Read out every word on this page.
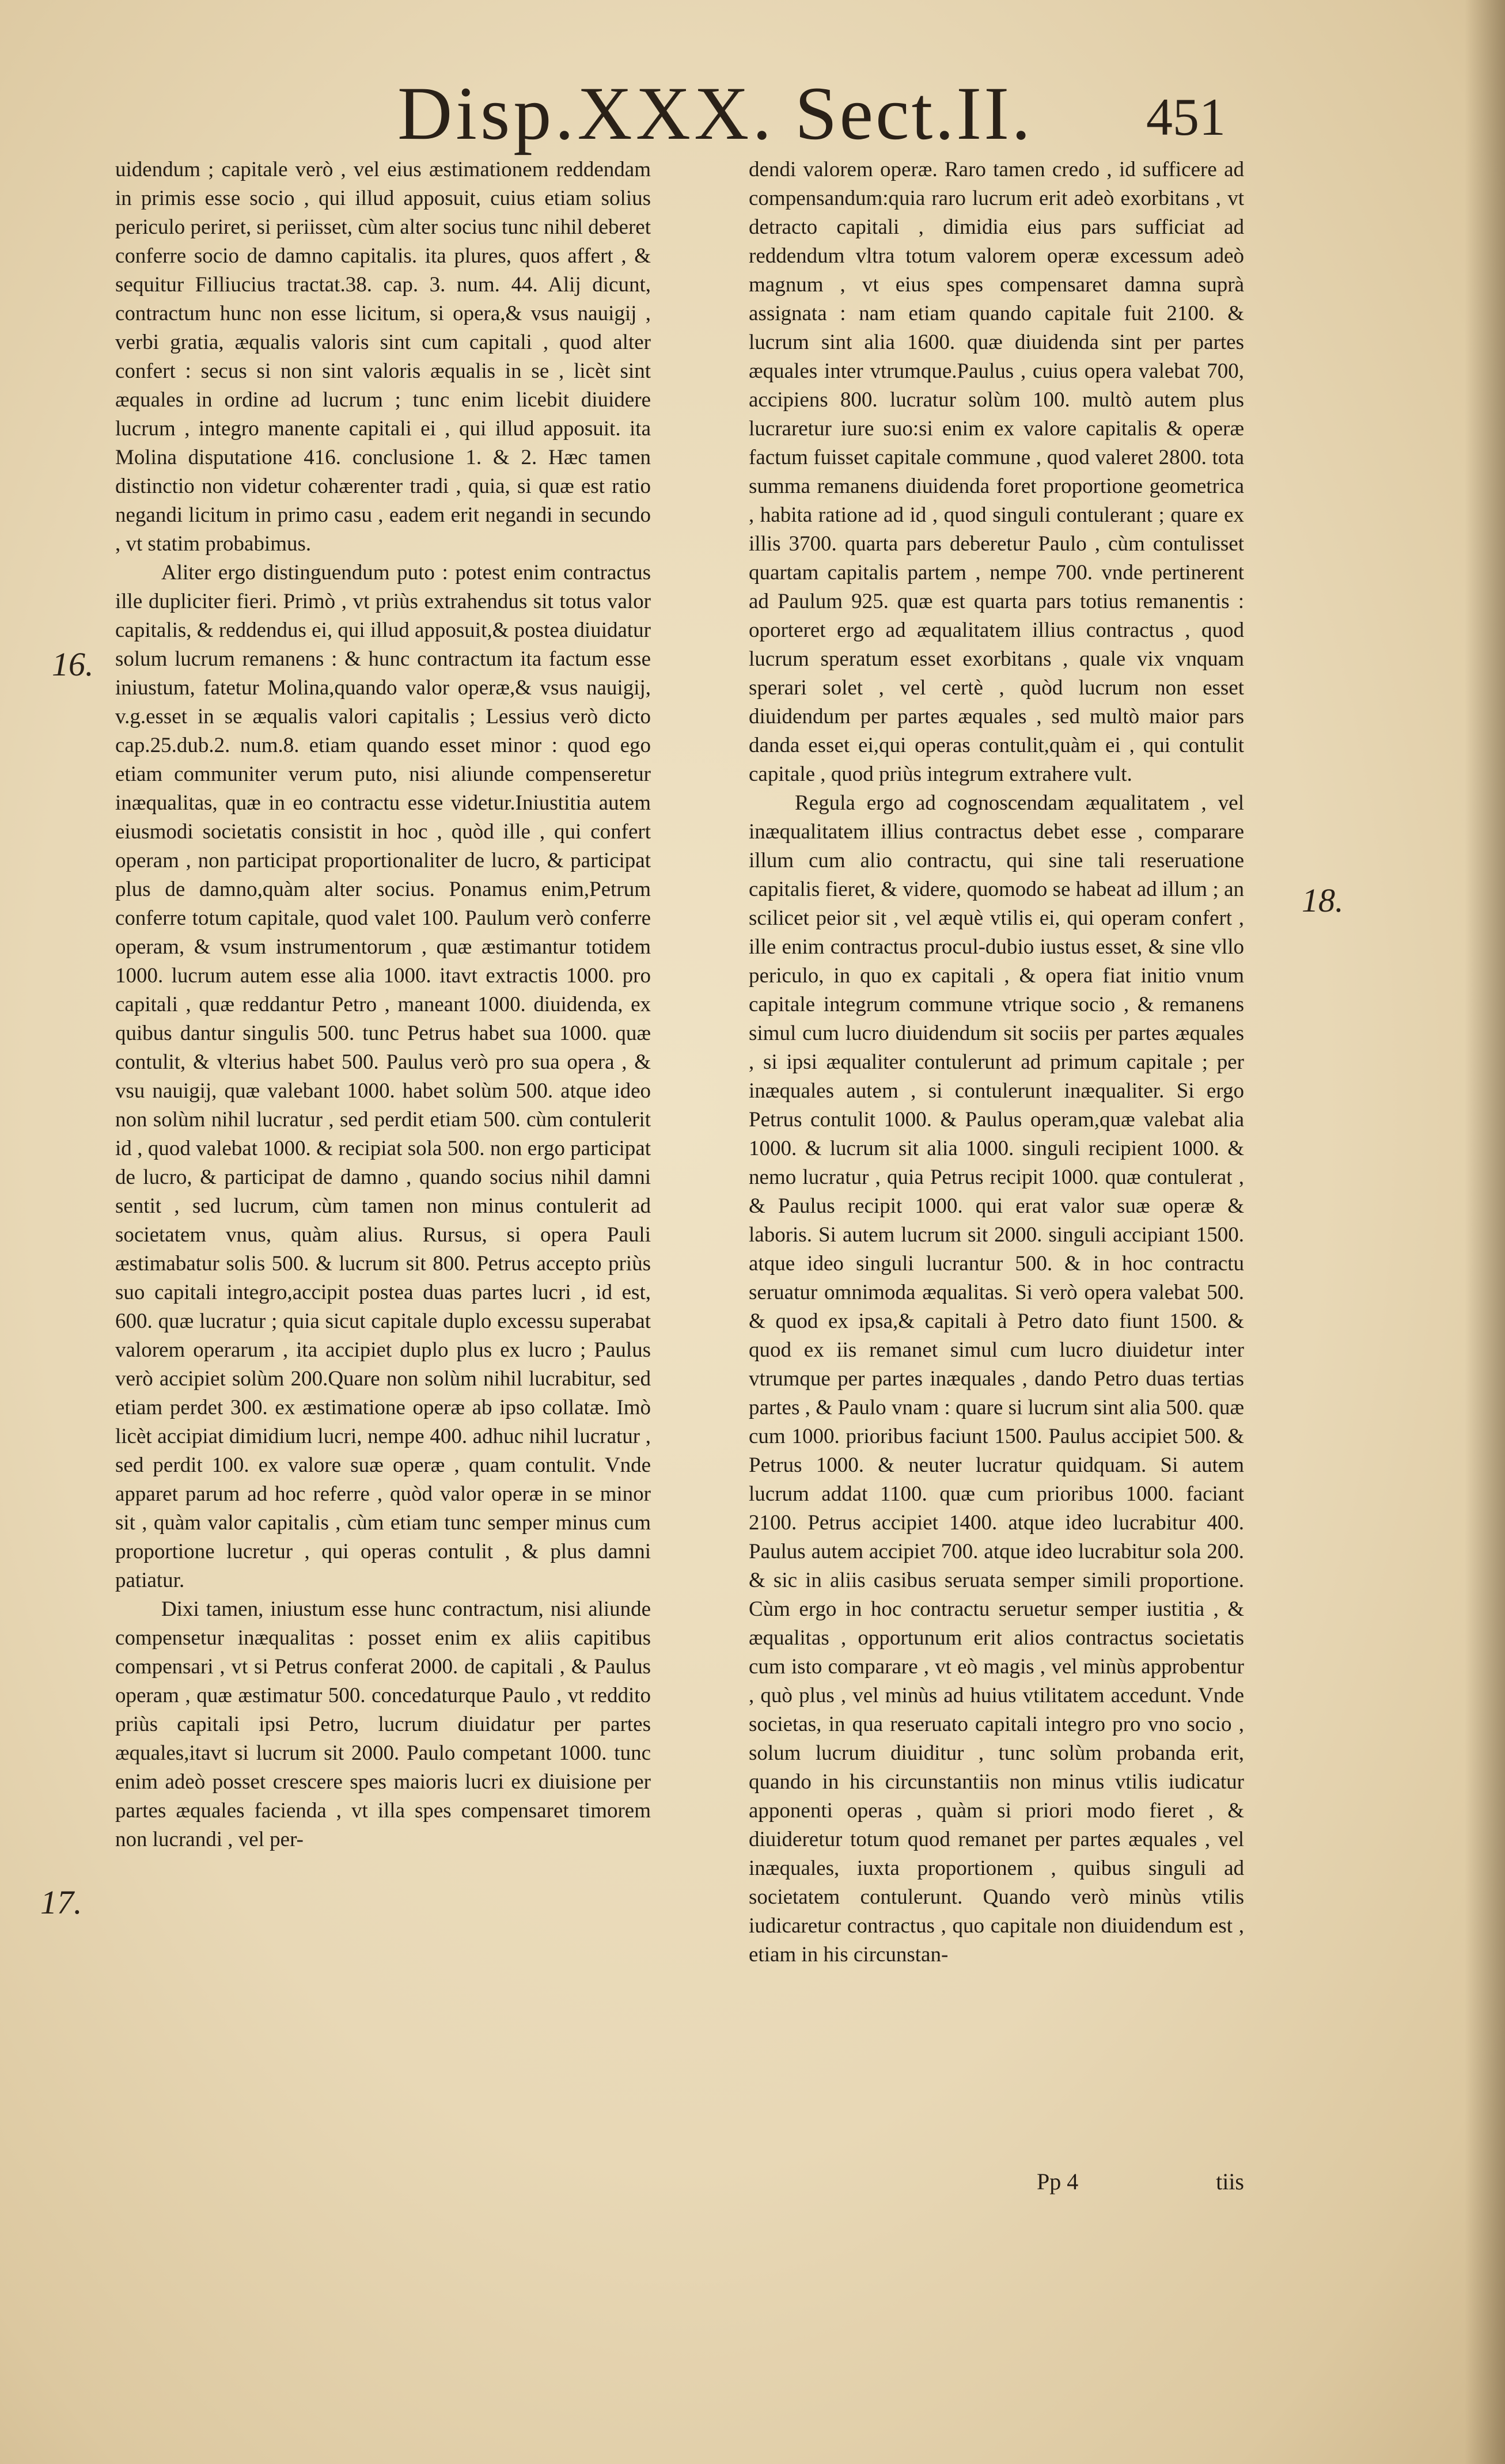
Disp.XXX. Sect.II. 451
16.
17.
18.

uidendum ; capitale verò , vel eius æstimationem reddendam in primis esse socio , qui illud apposuit, cuius etiam solius periculo periret, si periisset, cùm alter socius tunc nihil deberet conferre socio de damno capitalis. ita plures, quos affert , & sequitur Filliucius tractat.38. cap. 3. num. 44. Alij dicunt, contractum hunc non esse licitum, si opera,& vsus nauigij , verbi gratia, æqualis valoris sint cum capitali , quod alter confert : secus si non sint valoris æqualis in se , licèt sint æquales in ordine ad lucrum ; tunc enim licebit diuidere lucrum , integro manente capitali ei , qui illud apposuit. ita Molina disputatione 416. conclusione 1. & 2. Hæc tamen distinctio non videtur cohærenter tradi , quia, si quæ est ratio negandi licitum in primo casu , eadem erit negandi in secundo , vt statim probabimus.

Aliter ergo distinguendum puto : potest enim contractus ille dupliciter fieri. Primò , vt priùs extrahendus sit totus valor capitalis, & reddendus ei, qui illud apposuit,& postea diuidatur solum lucrum remanens : & hunc contractum ita factum esse iniustum, fatetur Molina,quando valor operæ,& vsus nauigij, v.g.esset in se æqualis valori capitalis ; Lessius verò dicto cap.25.dub.2. num.8. etiam quando esset minor : quod ego etiam communiter verum puto, nisi aliunde compenseretur inæqualitas, quæ in eo contractu esse videtur.Iniustitia autem eiusmodi societatis consistit in hoc , quòd ille , qui confert operam , non participat proportionaliter de lucro, & participat plus de damno,quàm alter socius. Ponamus enim,Petrum conferre totum capitale, quod valet 100. Paulum verò conferre operam, & vsum instrumentorum , quæ æstimantur totidem 1000. lucrum autem esse alia 1000. itavt extractis 1000. pro capitali , quæ reddantur Petro , maneant 1000. diuidenda, ex quibus dantur singulis 500. tunc Petrus habet sua 1000. quæ contulit, & vlterius habet 500. Paulus verò pro sua opera , & vsu nauigij, quæ valebant 1000. habet solùm 500. atque ideo non solùm nihil lucratur , sed perdit etiam 500. cùm contulerit id , quod valebat 1000. & recipiat sola 500. non ergo participat de lucro, & participat de damno , quando socius nihil damni sentit , sed lucrum, cùm tamen non minus contulerit ad societatem vnus, quàm alius. Rursus, si opera Pauli æstimabatur solis 500. & lucrum sit 800. Petrus accepto priùs suo capitali integro,accipit postea duas partes lucri , id est, 600. quæ lucratur ; quia sicut capitale duplo excessu superabat valorem operarum , ita accipiet duplo plus ex lucro ; Paulus verò accipiet solùm 200.Quare non solùm nihil lucrabitur, sed etiam perdet 300. ex æstimatione operæ ab ipso collatæ. Imò licèt accipiat dimidium lucri, nempe 400. adhuc nihil lucratur , sed perdit 100. ex valore suæ operæ , quam contulit. Vnde apparet parum ad hoc referre , quòd valor operæ in se minor sit , quàm valor capitalis , cùm etiam tunc semper minus cum proportione lucretur , qui operas contulit , & plus damni patiatur.

Dixi tamen, iniustum esse hunc contractum, nisi aliunde compensetur inæqualitas : posset enim ex aliis capitibus compensari , vt si Petrus conferat 2000. de capitali , & Paulus operam , quæ æstimatur 500. concedaturque Paulo , vt reddito priùs capitali ipsi Petro, lucrum diuidatur per partes æquales,itavt si lucrum sit 2000. Paulo competant 1000. tunc enim adeò posset crescere spes maioris lucri ex diuisione per partes æquales facienda , vt illa spes compensaret timorem non lucrandi , vel per-

dendi valorem operæ. Raro tamen credo , id sufficere ad compensandum:quia raro lucrum erit adeò exorbitans , vt detracto capitali , dimidia eius pars sufficiat ad reddendum vltra totum valorem operæ excessum adeò magnum , vt eius spes compensaret damna suprà assignata : nam etiam quando capitale fuit 2100. & lucrum sint alia 1600. quæ diuidenda sint per partes æquales inter vtrumque.Paulus , cuius opera valebat 700, accipiens 800. lucratur solùm 100. multò autem plus lucraretur iure suo:si enim ex valore capitalis & operæ factum fuisset capitale commune , quod valeret 2800. tota summa remanens diuidenda foret proportione geometrica , habita ratione ad id , quod singuli contulerant ; quare ex illis 3700. quarta pars deberetur Paulo , cùm contulisset quartam capitalis partem , nempe 700. vnde pertinerent ad Paulum 925. quæ est quarta pars totius remanentis : oporteret ergo ad æqualitatem illius contractus , quod lucrum speratum esset exorbitans , quale vix vnquam sperari solet , vel certè , quòd lucrum non esset diuidendum per partes æquales , sed multò maior pars danda esset ei,qui operas contulit,quàm ei , qui contulit capitale , quod priùs integrum extrahere vult.

Regula ergo ad cognoscendam æqualitatem , vel inæqualitatem illius contractus debet esse , comparare illum cum alio contractu, qui sine tali reseruatione capitalis fieret, & videre, quomodo se habeat ad illum ; an scilicet peior sit , vel æquè vtilis ei, qui operam confert , ille enim contractus procul-dubio iustus esset, & sine vllo periculo, in quo ex capitali , & opera fiat initio vnum capitale integrum commune vtrique socio , & remanens simul cum lucro diuidendum sit sociis per partes æquales , si ipsi æqualiter contulerunt ad primum capitale ; per inæquales autem , si contulerunt inæqualiter. Si ergo Petrus contulit 1000. & Paulus operam,quæ valebat alia 1000. & lucrum sit alia 1000. singuli recipient 1000. & nemo lucratur , quia Petrus recipit 1000. quæ contulerat , & Paulus recipit 1000. qui erat valor suæ operæ & laboris. Si autem lucrum sit 2000. singuli accipiant 1500. atque ideo singuli lucrantur 500. & in hoc contractu seruatur omnimoda æqualitas. Si verò opera valebat 500. & quod ex ipsa,& capitali à Petro dato fiunt 1500. & quod ex iis remanet simul cum lucro diuidetur inter vtrumque per partes inæquales , dando Petro duas tertias partes , & Paulo vnam : quare si lucrum sint alia 500. quæ cum 1000. prioribus faciunt 1500. Paulus accipiet 500. & Petrus 1000. & neuter lucratur quidquam. Si autem lucrum addat 1100. quæ cum prioribus 1000. faciant 2100. Petrus accipiet 1400. atque ideo lucrabitur 400. Paulus autem accipiet 700. atque ideo lucrabitur sola 200. & sic in aliis casibus seruata semper simili proportione. Cùm ergo in hoc contractu seruetur semper iustitia , & æqualitas , opportunum erit alios contractus societatis cum isto comparare , vt eò magis , vel minùs approbentur , quò plus , vel minùs ad huius vtilitatem accedunt. Vnde societas, in qua reseruato capitali integro pro vno socio , solum lucrum diuiditur , tunc solùm probanda erit, quando in his circunstantiis non minus vtilis iudicatur apponenti operas , quàm si priori modo fieret , & diuideretur totum quod remanet per partes æquales , vel inæquales, iuxta proportionem , quibus singuli ad societatem contulerunt. Quando verò minùs vtilis iudicaretur contractus , quo capitale non diuidendum est , etiam in his circunstan-

Pp 4	tiis
